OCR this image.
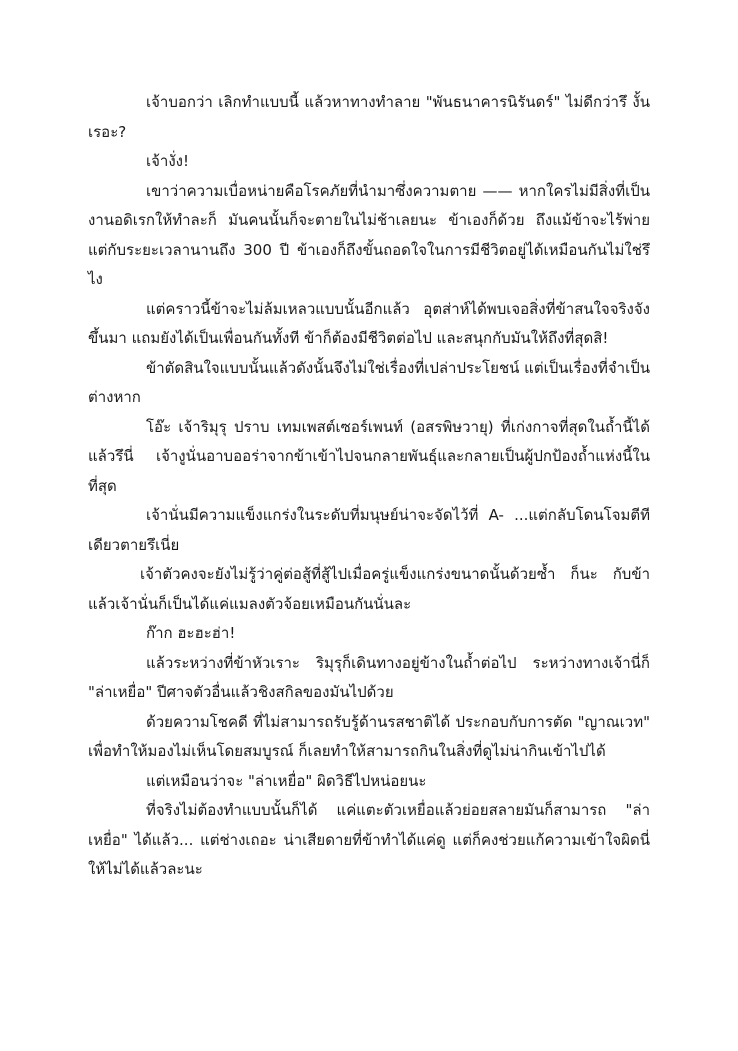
เจ้าบอกว่า เลิกทำแบบนี้ แล้วหาทางทำลาย "พันธนาคารนิรันดร์" ไม่ดีกว่ารึ งั้นเรอะ?

เจ้างั่ง!

เขาว่าความเบื่อหน่ายคือโรคภัยที่นำมาซึ่งความตาย —— หากใครไม่มีสิ่งที่เป็นงานอดิเรกให้ทำละก็ มันคนนั้นก็จะตายในไม่ช้าเลยนะ ข้าเองก็ด้วย ถึงแม้ข้าจะไร้พ่าย แต่กับระยะเวลานานถึง 300 ปี ข้าเองก็ถึงขั้นถอดใจในการมีชีวิตอยู่ได้เหมือนกันไม่ใช่รึไง

แต่คราวนี้ข้าจะไม่ล้มเหลวแบบนั้นอีกแล้ว อุตส่าห์ได้พบเจอสิ่งที่ข้าสนใจจริงจังขึ้นมา แถมยังได้เป็นเพื่อนกันทั้งที ข้าก็ต้องมีชีวิตต่อไป และสนุกกับมันให้ถึงที่สุดสิ!

ข้าตัดสินใจแบบนั้นแล้วดังนั้นจึงไม่ใช่เรื่องที่เปล่าประโยชน์ แต่เป็นเรื่องที่จำเป็นต่างหาก

โอ๊ะ เจ้าริมุรุ ปราบ เทมเพสต์เซอร์เพนท์ (อสรพิษวายุ) ที่เก่งกาจที่สุดในถ้ำนี้ได้แล้วรึนี่ เจ้างูนั่นอาบออร่าจากข้าเข้าไปจนกลายพันธุ์และกลายเป็นผู้ปกป้องถ้ำแห่งนี้ในที่สุด

เจ้านั่นมีความแข็งแกร่งในระดับที่มนุษย์น่าจะจัดไว้ที่ A- ...แต่กลับโดนโจมตีทีเดียวตายรึเนี่ย

เจ้าตัวคงจะยังไม่รู้ว่าคู่ต่อสู้ที่สู้ไปเมื่อครู่แข็งแกร่งขนาดนั้นด้วยซ้ำ ก็นะ กับข้าแล้วเจ้านั่นก็เป็นได้แค่แมลงตัวจ้อยเหมือนกันนั่นละ

ก๊าก ฮะฮะฮ่า!

แล้วระหว่างที่ข้าหัวเราะ ริมุรุก็เดินทางอยู่ข้างในถ้ำต่อไป ระหว่างทางเจ้านี่ก็ "ล่าเหยื่อ" ปีศาจตัวอื่นแล้วชิงสกิลของมันไปด้วย

ด้วยความโชคดี ที่ไม่สามารถรับรู้ด้านรสชาติได้ ประกอบกับการตัด "ญาณเวท" เพื่อทำให้มองไม่เห็นโดยสมบูรณ์ ก็เลยทำให้สามารถกินในสิ่งที่ดูไม่น่ากินเข้าไปได้

แต่เหมือนว่าจะ "ล่าเหยื่อ" ผิดวิธีไปหน่อยนะ

ที่จริงไม่ต้องทำแบบนั้นก็ได้ แค่แตะตัวเหยื่อแล้วย่อยสลายมันก็สามารถ "ล่าเหยื่อ" ได้แล้ว... แต่ช่างเถอะ น่าเสียดายที่ข้าทำได้แค่ดู แต่ก็คงช่วยแก้ความเข้าใจผิดนี่ให้ไม่ได้แล้วละนะ
